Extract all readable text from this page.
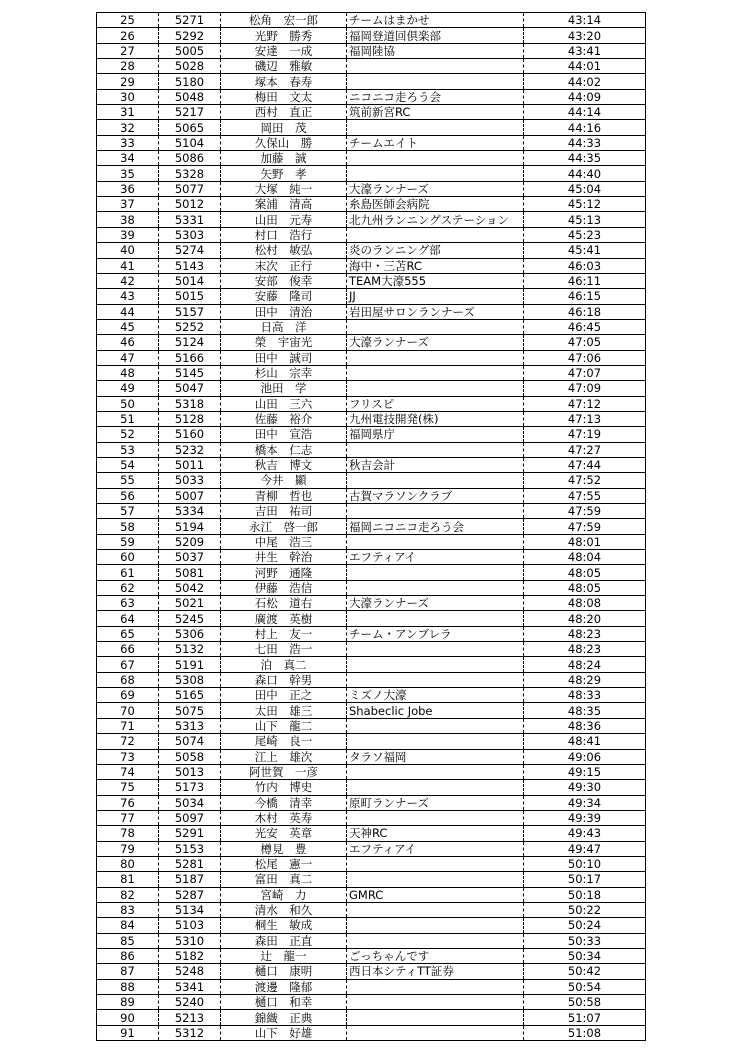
25	5271	松角　宏一郎	チームはまかせ	43:14
26	5292	光野　勝秀	福岡登道回倶楽部	43:20
27	5005	安達　一成	福岡陸協	43:41
28	5028	磯辺　雅敏		44:01
29	5180	塚本　春寿		44:02
30	5048	梅田　文太	ニコニコ走ろう会	44:09
31	5217	西村　直正	筑前新宮RC	44:14
32	5065	岡田　茂		44:16
33	5104	久保山　勝	チームエイト	44:33
34	5086	加藤　誠		44:35
35	5328	矢野　孝		44:40
36	5077	大塚　純一	大濠ランナーズ	45:04
37	5012	案浦　清高	糸島医師会病院	45:12
38	5331	山田　元寿	北九州ランニングステーション	45:13
39	5303	村口　浩行		45:23
40	5274	松村　敏弘	炎のランニング部	45:41
41	5143	末次　正行	海中・三苫RC	46:03
42	5014	安部　俊幸	TEAM大濠555	46:11
43	5015	安藤　隆司	JJ	46:15
44	5157	田中　清治	岩田屋サロンランナーズ	46:18
45	5252	日高　洋		46:45
46	5124	榮　宇宙光	大濠ランナーズ	47:05
47	5166	田中　誠司		47:06
48	5145	杉山　宗幸		47:07
49	5047	池田　学		47:09
50	5318	山田　三六	フリスピ	47:12
51	5128	佐藤　裕介	九州電技開発(株)	47:13
52	5160	田中　宣浩	福岡県庁	47:19
53	5232	橋本　仁志		47:27
54	5011	秋吉　博文	秋吉会計	47:44
55	5033	今井　顯		47:52
56	5007	青柳　哲也	古賀マラソンクラブ	47:55
57	5334	吉田　祐司		47:59
58	5194	永江　啓一郎	福岡ニコニコ走ろう会	47:59
59	5209	中尾　浩三		48:01
60	5037	井生　幹治	エフティアイ	48:04
61	5081	河野　通隆		48:05
62	5042	伊藤　浩信		48:05
63	5021	石松　道右	大濠ランナーズ	48:08
64	5245	廣渡　英樹		48:20
65	5306	村上　友一	チーム・アンブレラ	48:23
66	5132	七田　浩一		48:23
67	5191	泊　真二		48:24
68	5308	森口　幹男		48:29
69	5165	田中　正之	ミズノ大濠	48:33
70	5075	太田　雄三	Shabeclic Jobe	48:35
71	5313	山下　龍二		48:36
72	5074	尾崎　良一		48:41
73	5058	江上　雄次	タラソ福岡	49:06
74	5013	阿世賀　一彦		49:15
75	5173	竹内　博史		49:30
76	5034	今橋　清幸	原町ランナーズ	49:34
77	5097	木村　英寿		49:39
78	5291	光安　英章	天神RC	49:43
79	5153	樽見　豊	エフティアイ	49:47
80	5281	松尾　憲一		50:10
81	5187	富田　真二		50:17
82	5287	宮崎　力	GMRC	50:18
83	5134	清水　和久		50:22
84	5103	桐生　敏成		50:24
85	5310	森田　正直		50:33
86	5182	辻　龍一	ごっちゃんです	50:34
87	5248	樋口　康明	西日本シティTT証券	50:42
88	5341	渡邊　隆郁		50:54
89	5240	樋口　和幸		50:58
90	5213	錦織　正典		51:07
91	5312	山下　好雄		51:08
